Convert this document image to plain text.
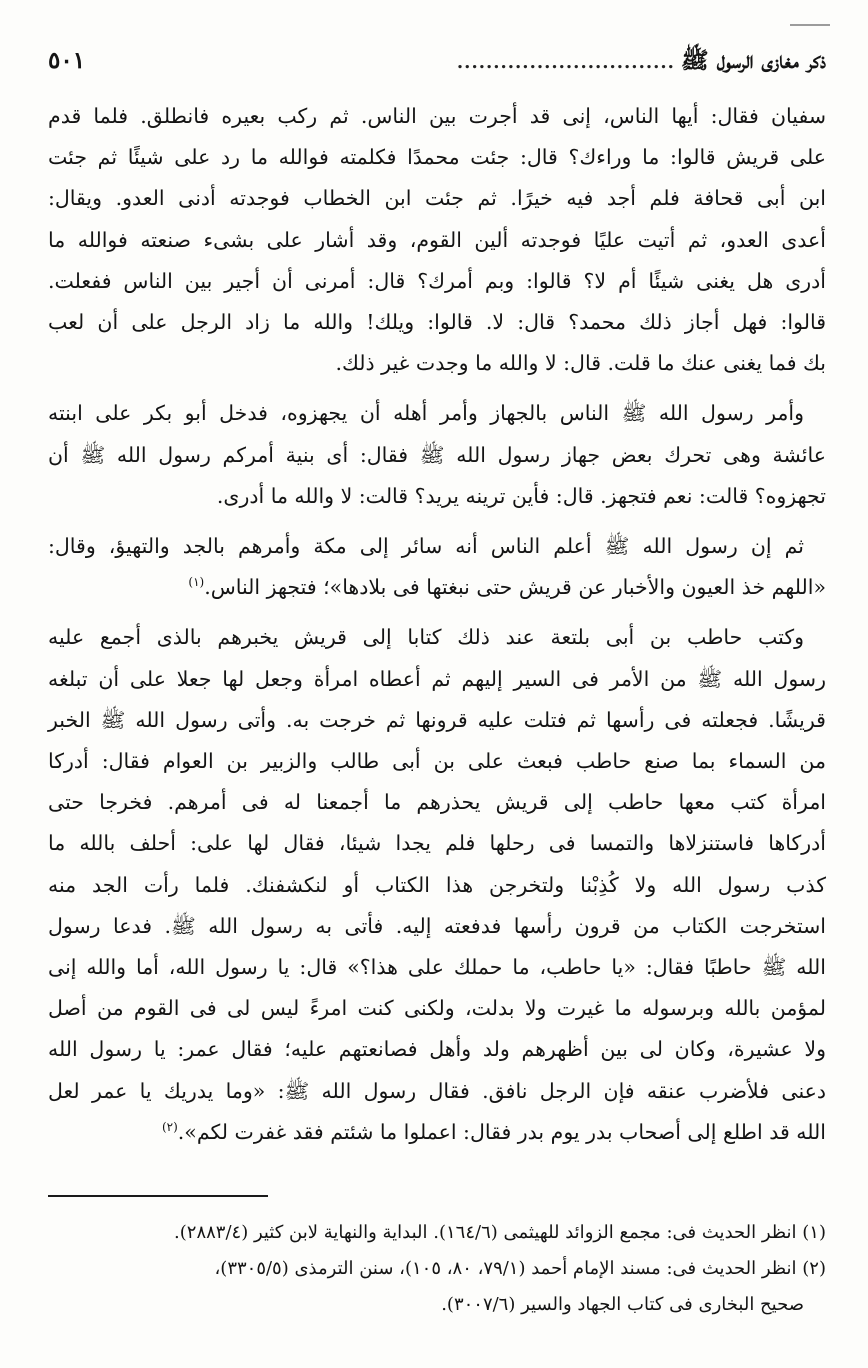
ذكر مغازى الرسول ﷺ
..............................
٥٠١

سفيان فقال: أيها الناس، إنى قد أجرت بين الناس. ثم ركب بعيره فانطلق. فلما قدم

على قريش قالوا: ما وراءك؟ قال: جئت محمدًا فكلمته فوالله ما رد على شيئًا ثم جئت

ابن أبى قحافة فلم أجد فيه خيرًا. ثم جئت ابن الخطاب فوجدته أدنى العدو. ويقال:

أعدى العدو، ثم أتيت عليًا فوجدته ألين القوم، وقد أشار على بشىء صنعته فوالله ما

أدرى هل يغنى شيئًا أم لا؟ قالوا: وبم أمرك؟ قال: أمرنى أن أجير بين الناس ففعلت.

قالوا: فهل أجاز ذلك محمد؟ قال: لا. قالوا: ويلك! والله ما زاد الرجل على أن لعب

بك فما يغنى عنك ما قلت. قال: لا والله ما وجدت غير ذلك.

وأمر رسول الله ﷺ الناس بالجهاز وأمر أهله أن يجهزوه، فدخل أبو بكر على ابنته

عائشة وهى تحرك بعض جهاز رسول الله ﷺ فقال: أى بنية أمركم رسول الله ﷺ أن

تجهزوه؟ قالت: نعم فتجهز. قال: فأين ترينه يريد؟ قالت: لا والله ما أدرى.

ثم إن رسول الله ﷺ أعلم الناس أنه سائر إلى مكة وأمرهم بالجد والتهيؤ، وقال:

«اللهم خذ العيون والأخبار عن قريش حتى نبغتها فى بلادها»؛ فتجهز الناس.$^{(١)}$

وكتب حاطب بن أبى بلتعة عند ذلك كتابا إلى قريش يخبرهم بالذى أجمع عليه

رسول الله ﷺ من الأمر فى السير إليهم ثم أعطاه امرأة وجعل لها جعلا على أن تبلغه

قريشًا. فجعلته فى رأسها ثم فتلت عليه قرونها ثم خرجت به. وأتى رسول الله ﷺ الخبر

من السماء بما صنع حاطب فبعث على بن أبى طالب والزبير بن العوام فقال: أدركا

امرأة كتب معها حاطب إلى قريش يحذرهم ما أجمعنا له فى أمرهم. فخرجا حتى

أدركاها فاستنزلاها والتمسا فى رحلها فلم يجدا شيئا، فقال لها على: أحلف بالله ما

كذب رسول الله ولا كُذِبْنا ولتخرجن هذا الكتاب أو لنكشفنك. فلما رأت الجد منه

استخرجت الكتاب من قرون رأسها فدفعته إليه. فأتى به رسول الله ﷺ. فدعا رسول

الله ﷺ حاطبًا فقال: «يا حاطب، ما حملك على هذا؟» قال: يا رسول الله، أما والله إنى

لمؤمن بالله وبرسوله ما غيرت ولا بدلت، ولكنى كنت امرءً ليس لى فى القوم من أصل

ولا عشيرة، وكان لى بين أظهرهم ولد وأهل فصانعتهم عليه؛ فقال عمر: يا رسول الله

دعنى فلأضرب عنقه فإن الرجل نافق. فقال رسول الله ﷺ: «وما يدريك يا عمر لعل

الله قد اطلع إلى أصحاب بدر يوم بدر فقال: اعملوا ما شئتم فقد غفرت لكم».$^{(٢)}$

(١) انظر الحديث فى: مجمع الزوائد للهيثمى (١٦٤/٦). البداية والنهاية لابن كثير (٢٨٨٣/٤).

(٢) انظر الحديث فى: مسند الإمام أحمد (٧٩/١، ٨٠، ١٠٥)، سنن الترمذى (٣٣٠٥/٥)،

صحيح البخارى فى كتاب الجهاد والسير (٣٠٠٧/٦).
